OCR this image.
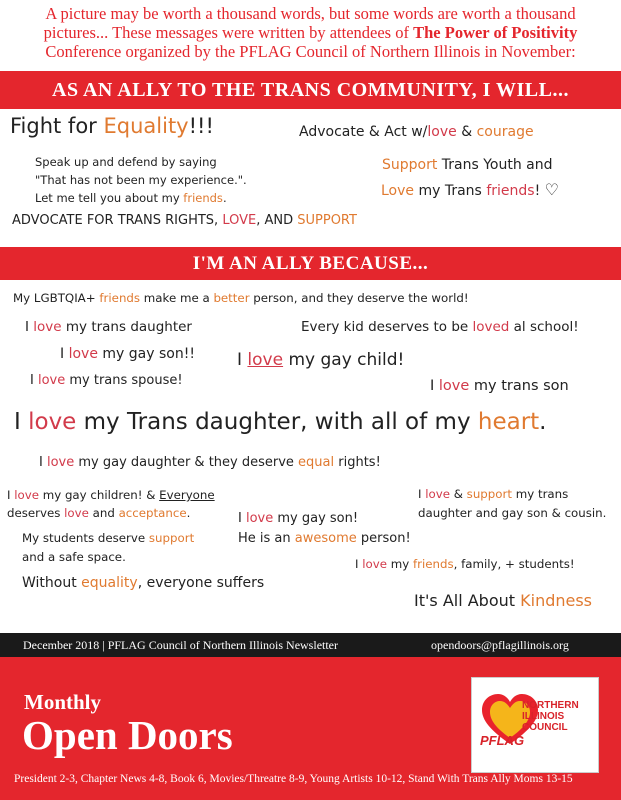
A picture may be worth a thousand words, but some words are worth a thousand
pictures... These messages were written by attendees of The Power of Positivity
Conference organized by the PFLAG Council of Northern Illinois in November:
AS AN ALLY TO THE TRANS COMMUNITY, I WILL...
Fight for Equality!!!
Speak up and defend by saying
"That has not been my experience.".
Let me tell you about my friends.
ADVOCATE FOR TRANS RIGHTS, LOVE, AND SUPPORT
Advocate & Act w/love & courage
Support Trans Youth and
Love my Trans friends! ♡
I'M AN ALLY BECAUSE...
My LGBTQIA+ friends make me a better person, and they deserve the world!
I love my trans daughter	Every kid deserves to be loved al school!
I love my gay son!! I love my gay child!
I love my trans spouse!	I love my trans son
I love my Trans daughter, with all of my heart.
I love my gay daughter & they deserve equal rights!
I love my gay children! & Everyone
deserves love and acceptance.	I love my gay son!
He is an awesome person!
I love & support my trans
daughter and gay son & cousin.
My students deserve support
and a safe space.	I love my friends, family, + students!
Without equality, everyone suffers
It's All About Kindness
December 2018 | PFLAG Council of Northern Illinois Newsletter	opendoors@pflagillinois.org
Monthly
Open Doors
President 2-3, Chapter News 4-8, Book 6, Movies/Threatre 8-9, Young Artists 10-12, Stand With Trans Ally Moms 13-15
NORTHERN
ILLINOIS
COUNCIL
PFLAG
